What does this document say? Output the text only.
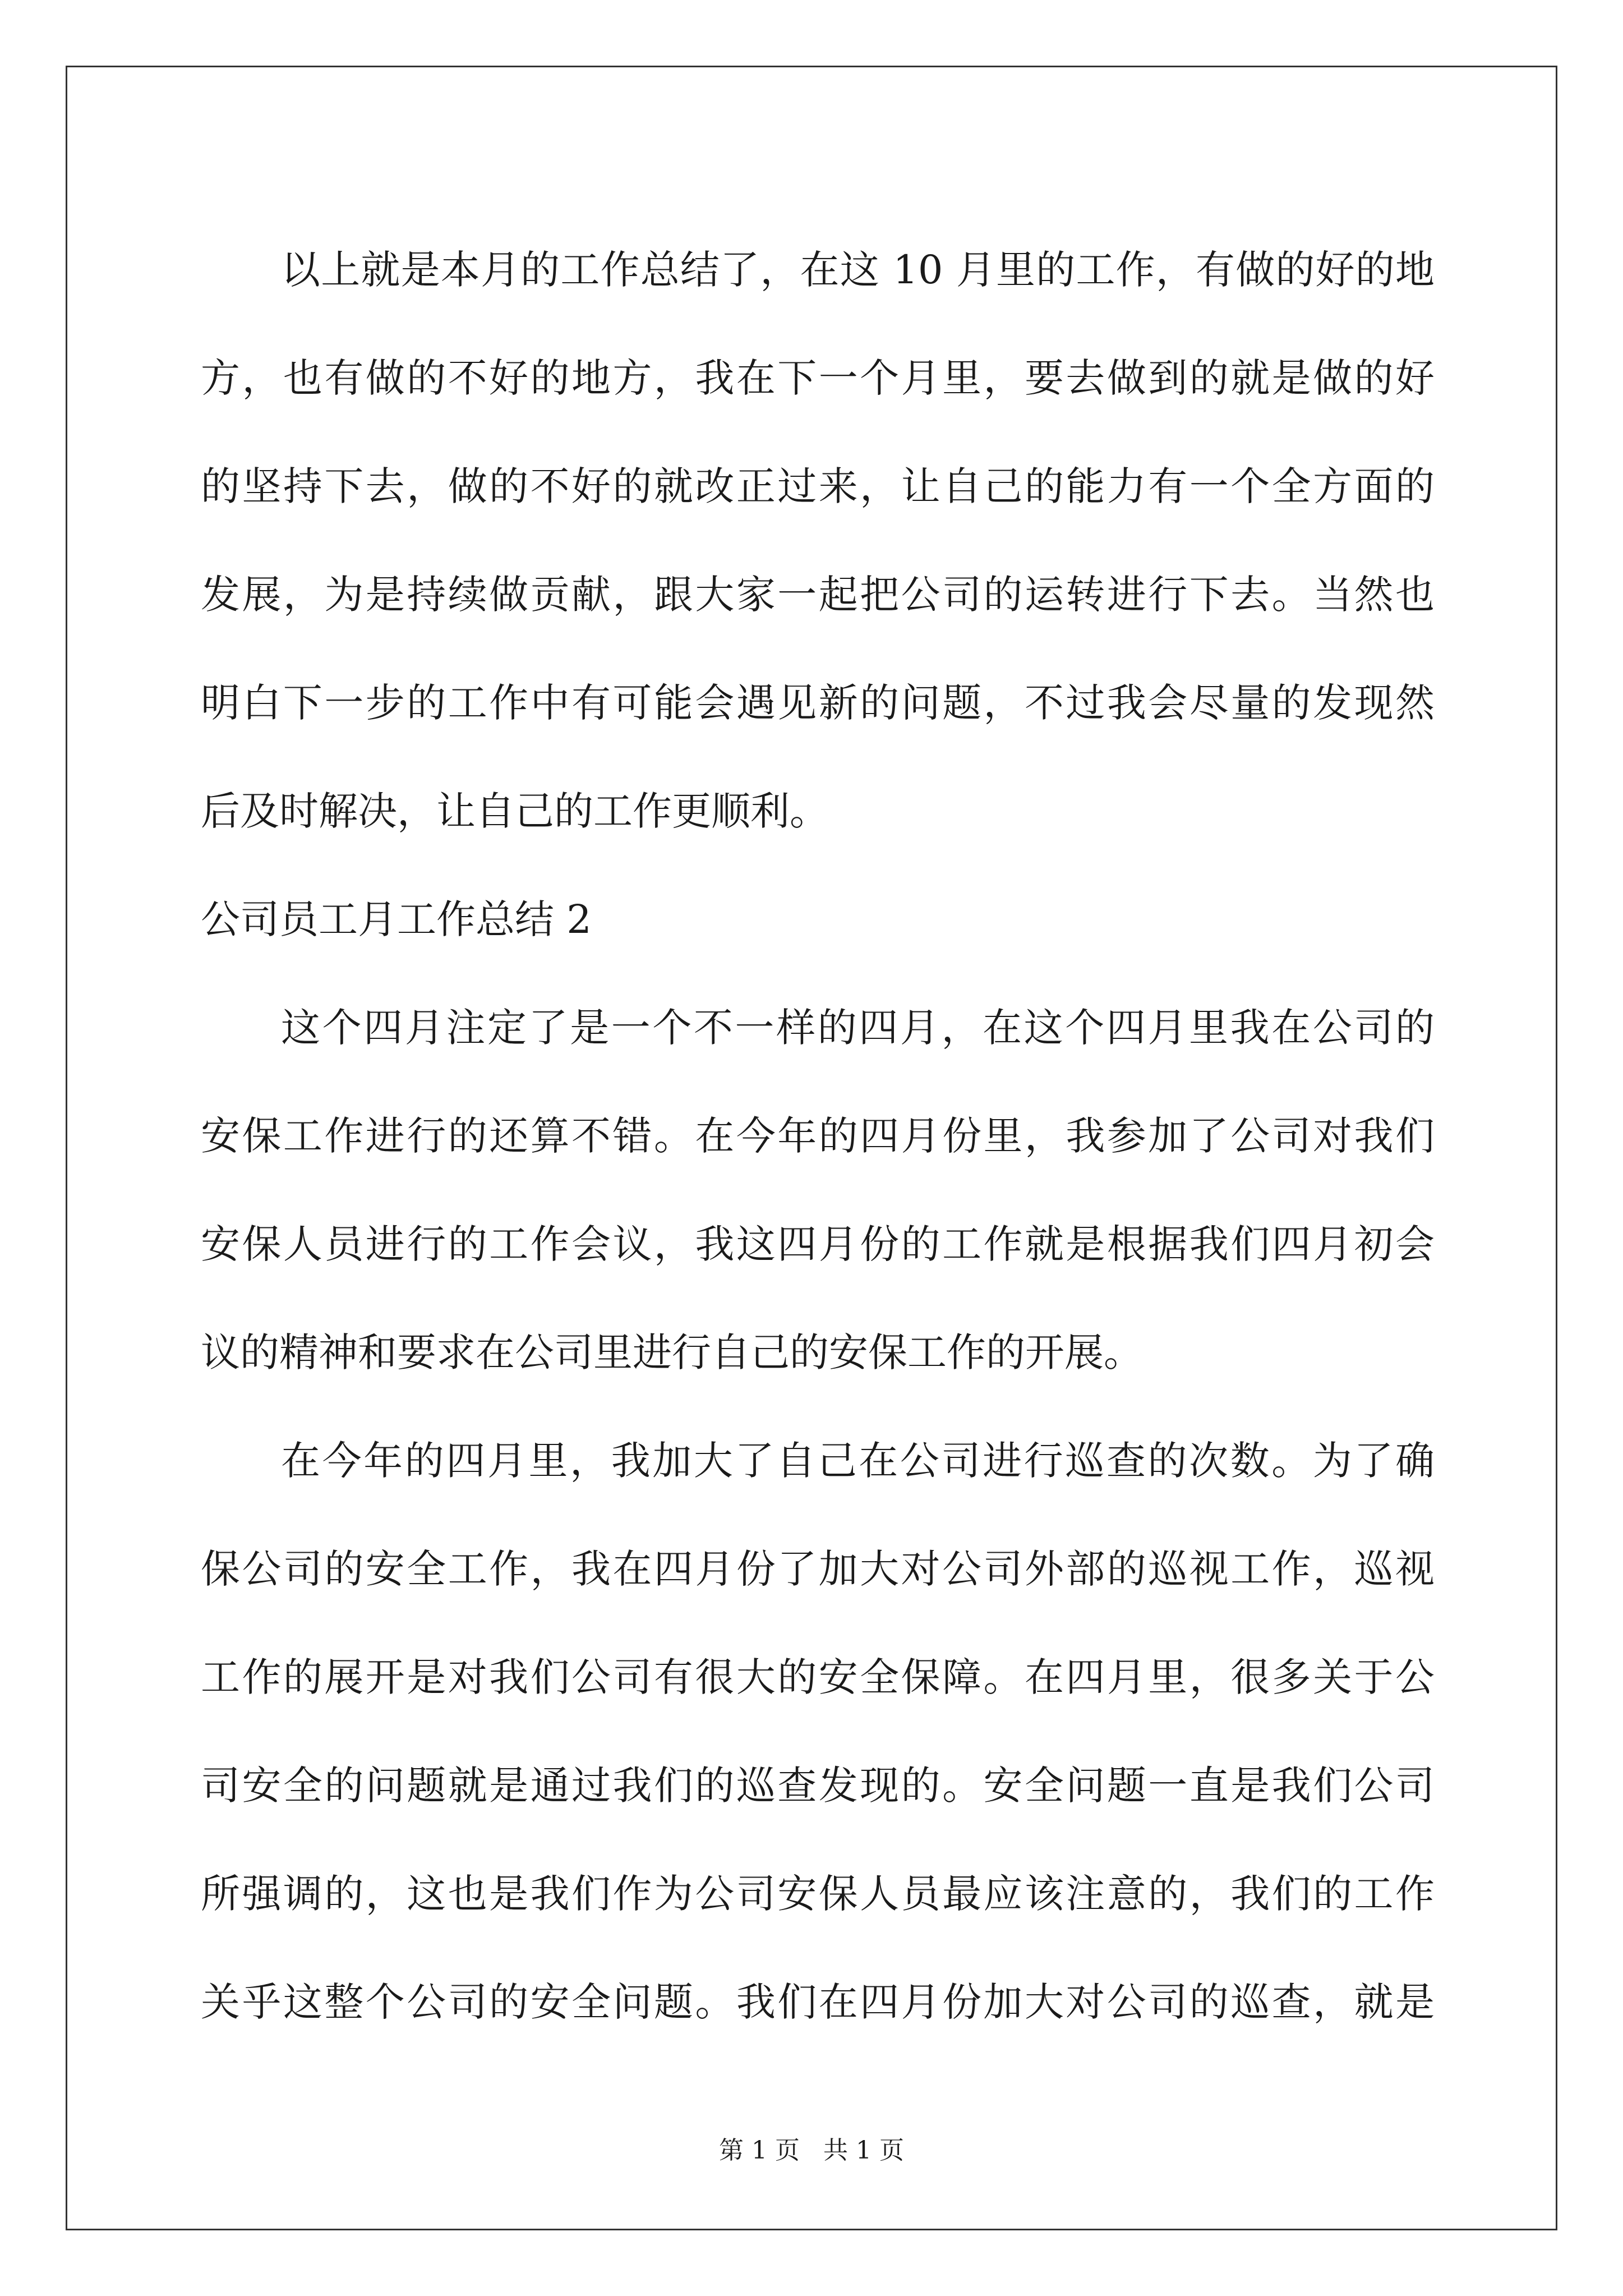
以上就是本月的工作总结了，在这 10 月里的工作，有做的好的地
方，也有做的不好的地方，我在下一个月里，要去做到的就是做的好
的坚持下去，做的不好的就改正过来，让自己的能力有一个全方面的
发展，为是持续做贡献，跟大家一起把公司的运转进行下去。当然也
明白下一步的工作中有可能会遇见新的问题，不过我会尽量的发现然
后及时解决，让自己的工作更顺利。
公司员工月工作总结 2
这个四月注定了是一个不一样的四月，在这个四月里我在公司的
安保工作进行的还算不错。在今年的四月份里，我参加了公司对我们
安保人员进行的工作会议，我这四月份的工作就是根据我们四月初会
议的精神和要求在公司里进行自己的安保工作的开展。
在今年的四月里，我加大了自己在公司进行巡查的次数。为了确
保公司的安全工作，我在四月份了加大对公司外部的巡视工作，巡视
工作的展开是对我们公司有很大的安全保障。在四月里，很多关于公
司安全的问题就是通过我们的巡查发现的。安全问题一直是我们公司
所强调的，这也是我们作为公司安保人员最应该注意的，我们的工作
关乎这整个公司的安全问题。我们在四月份加大对公司的巡查，就是
第 1 页   共 1 页
